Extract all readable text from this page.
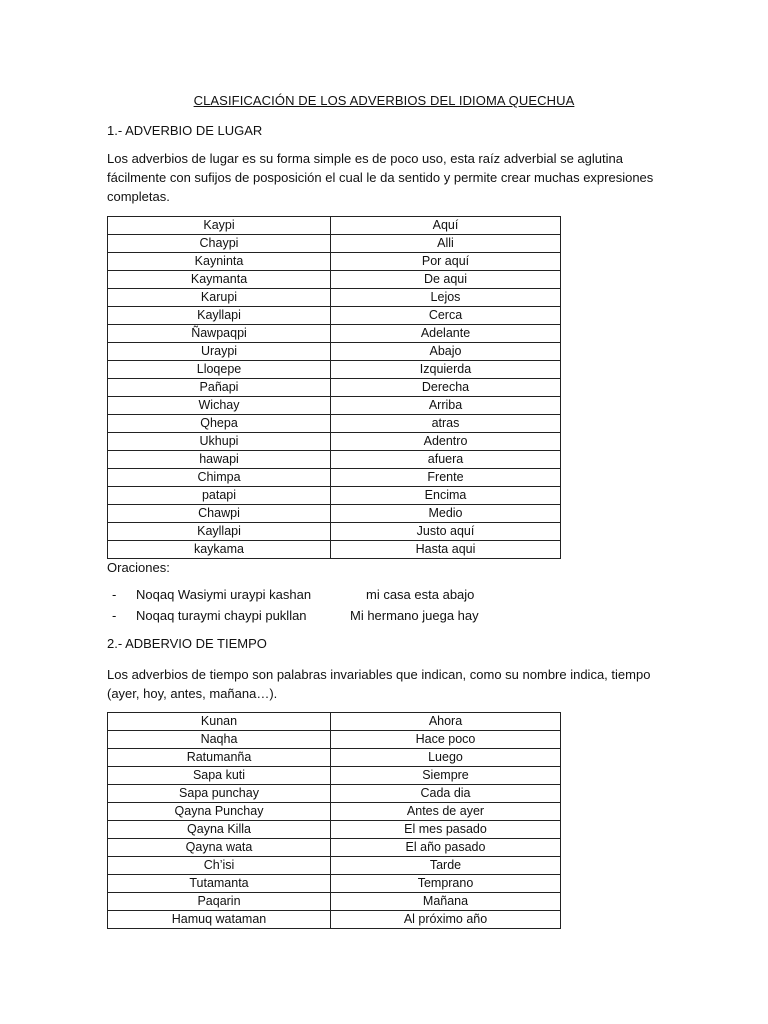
CLASIFICACIÓN DE LOS ADVERBIOS DEL IDIOMA QUECHUA
1.- ADVERBIO DE LUGAR
Los adverbios de lugar es su forma simple es de poco uso, esta raíz adverbial se aglutina
fácilmente con sufijos de posposición el cual le da sentido y permite crear muchas expresiones
completas.
Kaypi	Aquí
Chaypi	Alli
Kayninta	Por aquí
Kaymanta	De aqui
Karupi	Lejos
Kayllapi	Cerca
Ñawpaqpi	Adelante
Uraypi	Abajo
Lloqepe	Izquierda
Pañapi	Derecha
Wichay	Arriba
Qhepa	atras
Ukhupi	Adentro
hawapi	afuera
Chimpa	Frente
patapi	Encima
Chawpi	Medio
Kayllapi	Justo aquí
kaykama	Hasta aqui
Oraciones:
- Noqaq Wasiymi uraypi kashan	mi casa esta abajo
- Noqaq turaymi chaypi pukllan	Mi hermano juega hay
2.- ADBERVIO DE TIEMPO
Los adverbios de tiempo son palabras invariables que indican, como su nombre indica, tiempo
(ayer, hoy, antes, mañana…).
Kunan	Ahora
Naqha	Hace poco
Ratumanña	Luego
Sapa kuti	Siempre
Sapa punchay	Cada dia
Qayna Punchay	Antes de ayer
Qayna Killa	El mes pasado
Qayna wata	El año pasado
Ch’isi	Tarde
Tutamanta	Temprano
Paqarin	Mañana
Hamuq wataman	Al próximo año
